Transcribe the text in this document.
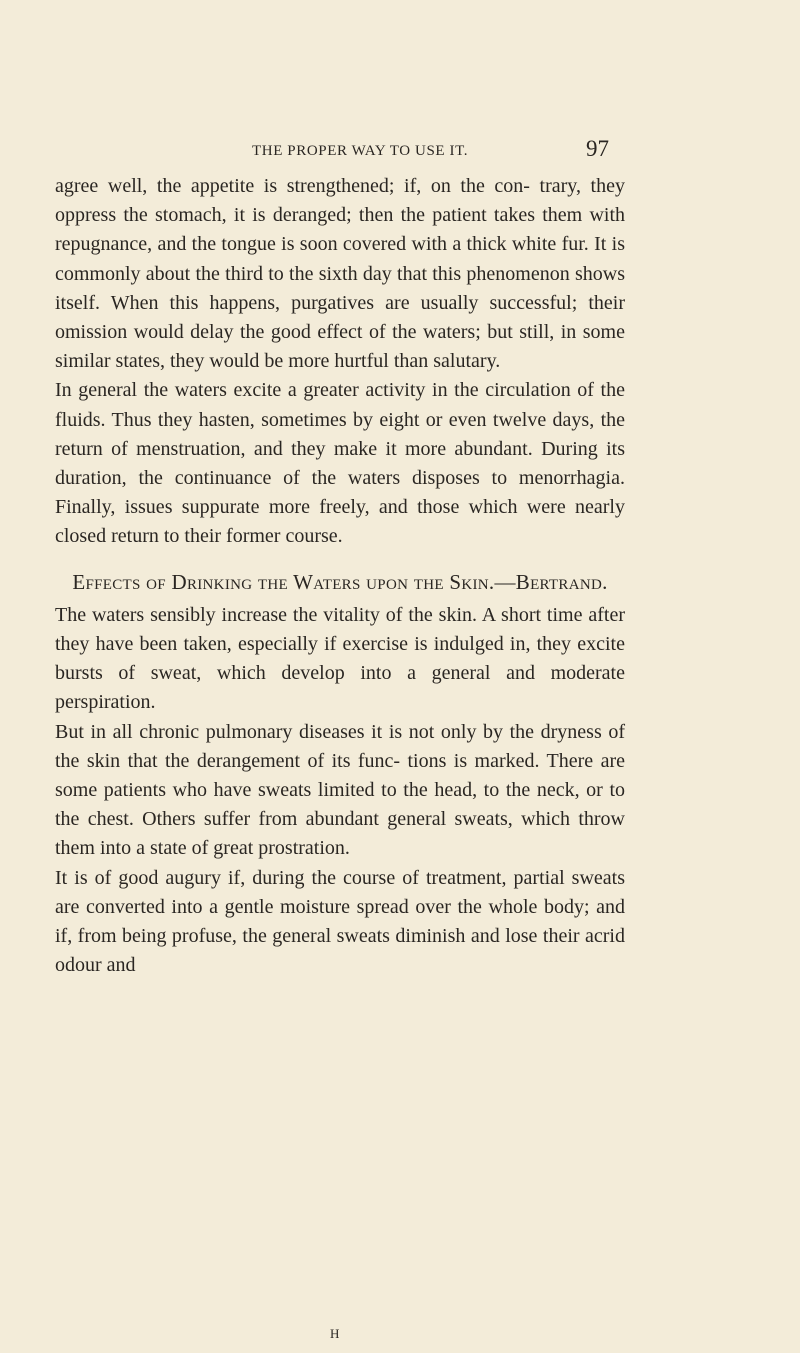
THE PROPER WAY TO USE IT.	97

agree well, the appetite is strengthened; if, on the con- trary, they oppress the stomach, it is deranged; then the patient takes them with repugnance, and the tongue is soon covered with a thick white fur. It is commonly about the third to the sixth day that this phenomenon shows itself. When this happens, purgatives are usually successful; their omission would delay the good effect of the waters; but still, in some similar states, they would be more hurtful than salutary.

In general the waters excite a greater activity in the circulation of the fluids. Thus they hasten, sometimes by eight or even twelve days, the return of menstruation, and they make it more abundant. During its duration, the continuance of the waters disposes to menorrhagia. Finally, issues suppurate more freely, and those which were nearly closed return to their former course.

Effects of Drinking the Waters upon the Skin.—Bertrand.

The waters sensibly increase the vitality of the skin. A short time after they have been taken, especially if exercise is indulged in, they excite bursts of sweat, which develop into a general and moderate perspiration.

But in all chronic pulmonary diseases it is not only by the dryness of the skin that the derangement of its func- tions is marked. There are some patients who have sweats limited to the head, to the neck, or to the chest. Others suffer from abundant general sweats, which throw them into a state of great prostration.

It is of good augury if, during the course of treatment, partial sweats are converted into a gentle moisture spread over the whole body; and if, from being profuse, the general sweats diminish and lose their acrid odour and

H
